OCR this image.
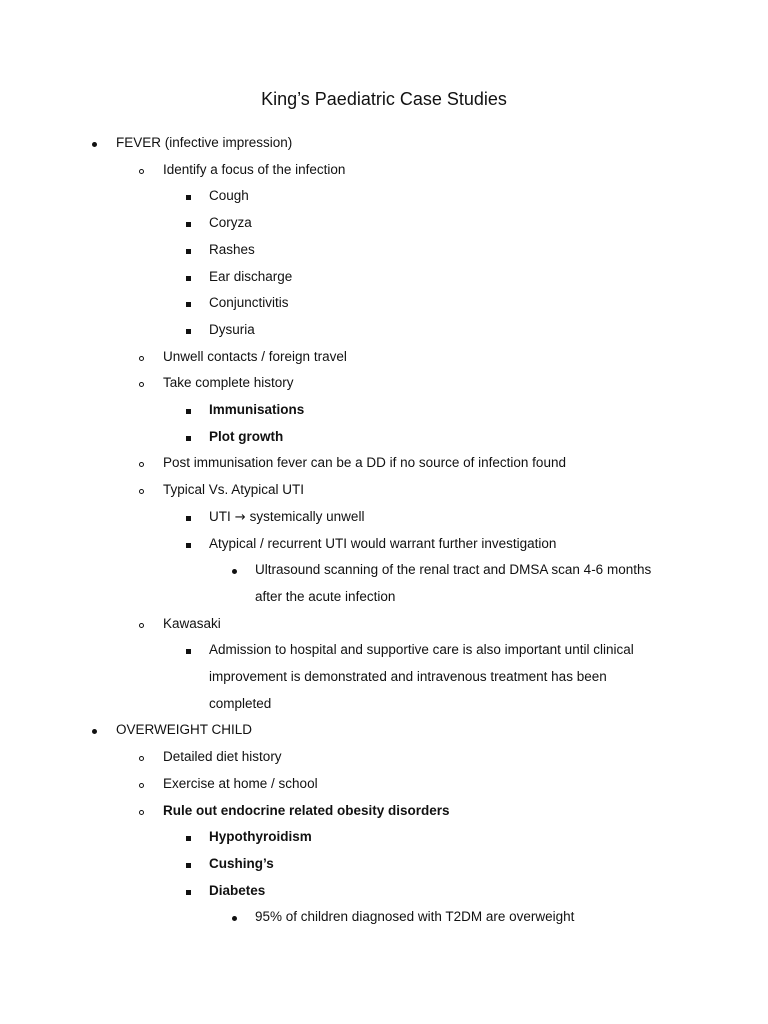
King’s Paediatric Case Studies
FEVER (infective impression)
Identify a focus of the infection
Cough
Coryza
Rashes
Ear discharge
Conjunctivitis
Dysuria
Unwell contacts / foreign travel
Take complete history
Immunisations
Plot growth
Post immunisation fever can be a DD if no source of infection found
Typical Vs. Atypical UTI
UTI → systemically unwell
Atypical / recurrent UTI would warrant further investigation
Ultrasound scanning of the renal tract and DMSA scan 4-6 months
after the acute infection
Kawasaki
Admission to hospital and supportive care is also important until clinical
improvement is demonstrated and intravenous treatment has been
completed
OVERWEIGHT CHILD
Detailed diet history
Exercise at home / school
Rule out endocrine related obesity disorders
Hypothyroidism
Cushing’s
Diabetes
95% of children diagnosed with T2DM are overweight
